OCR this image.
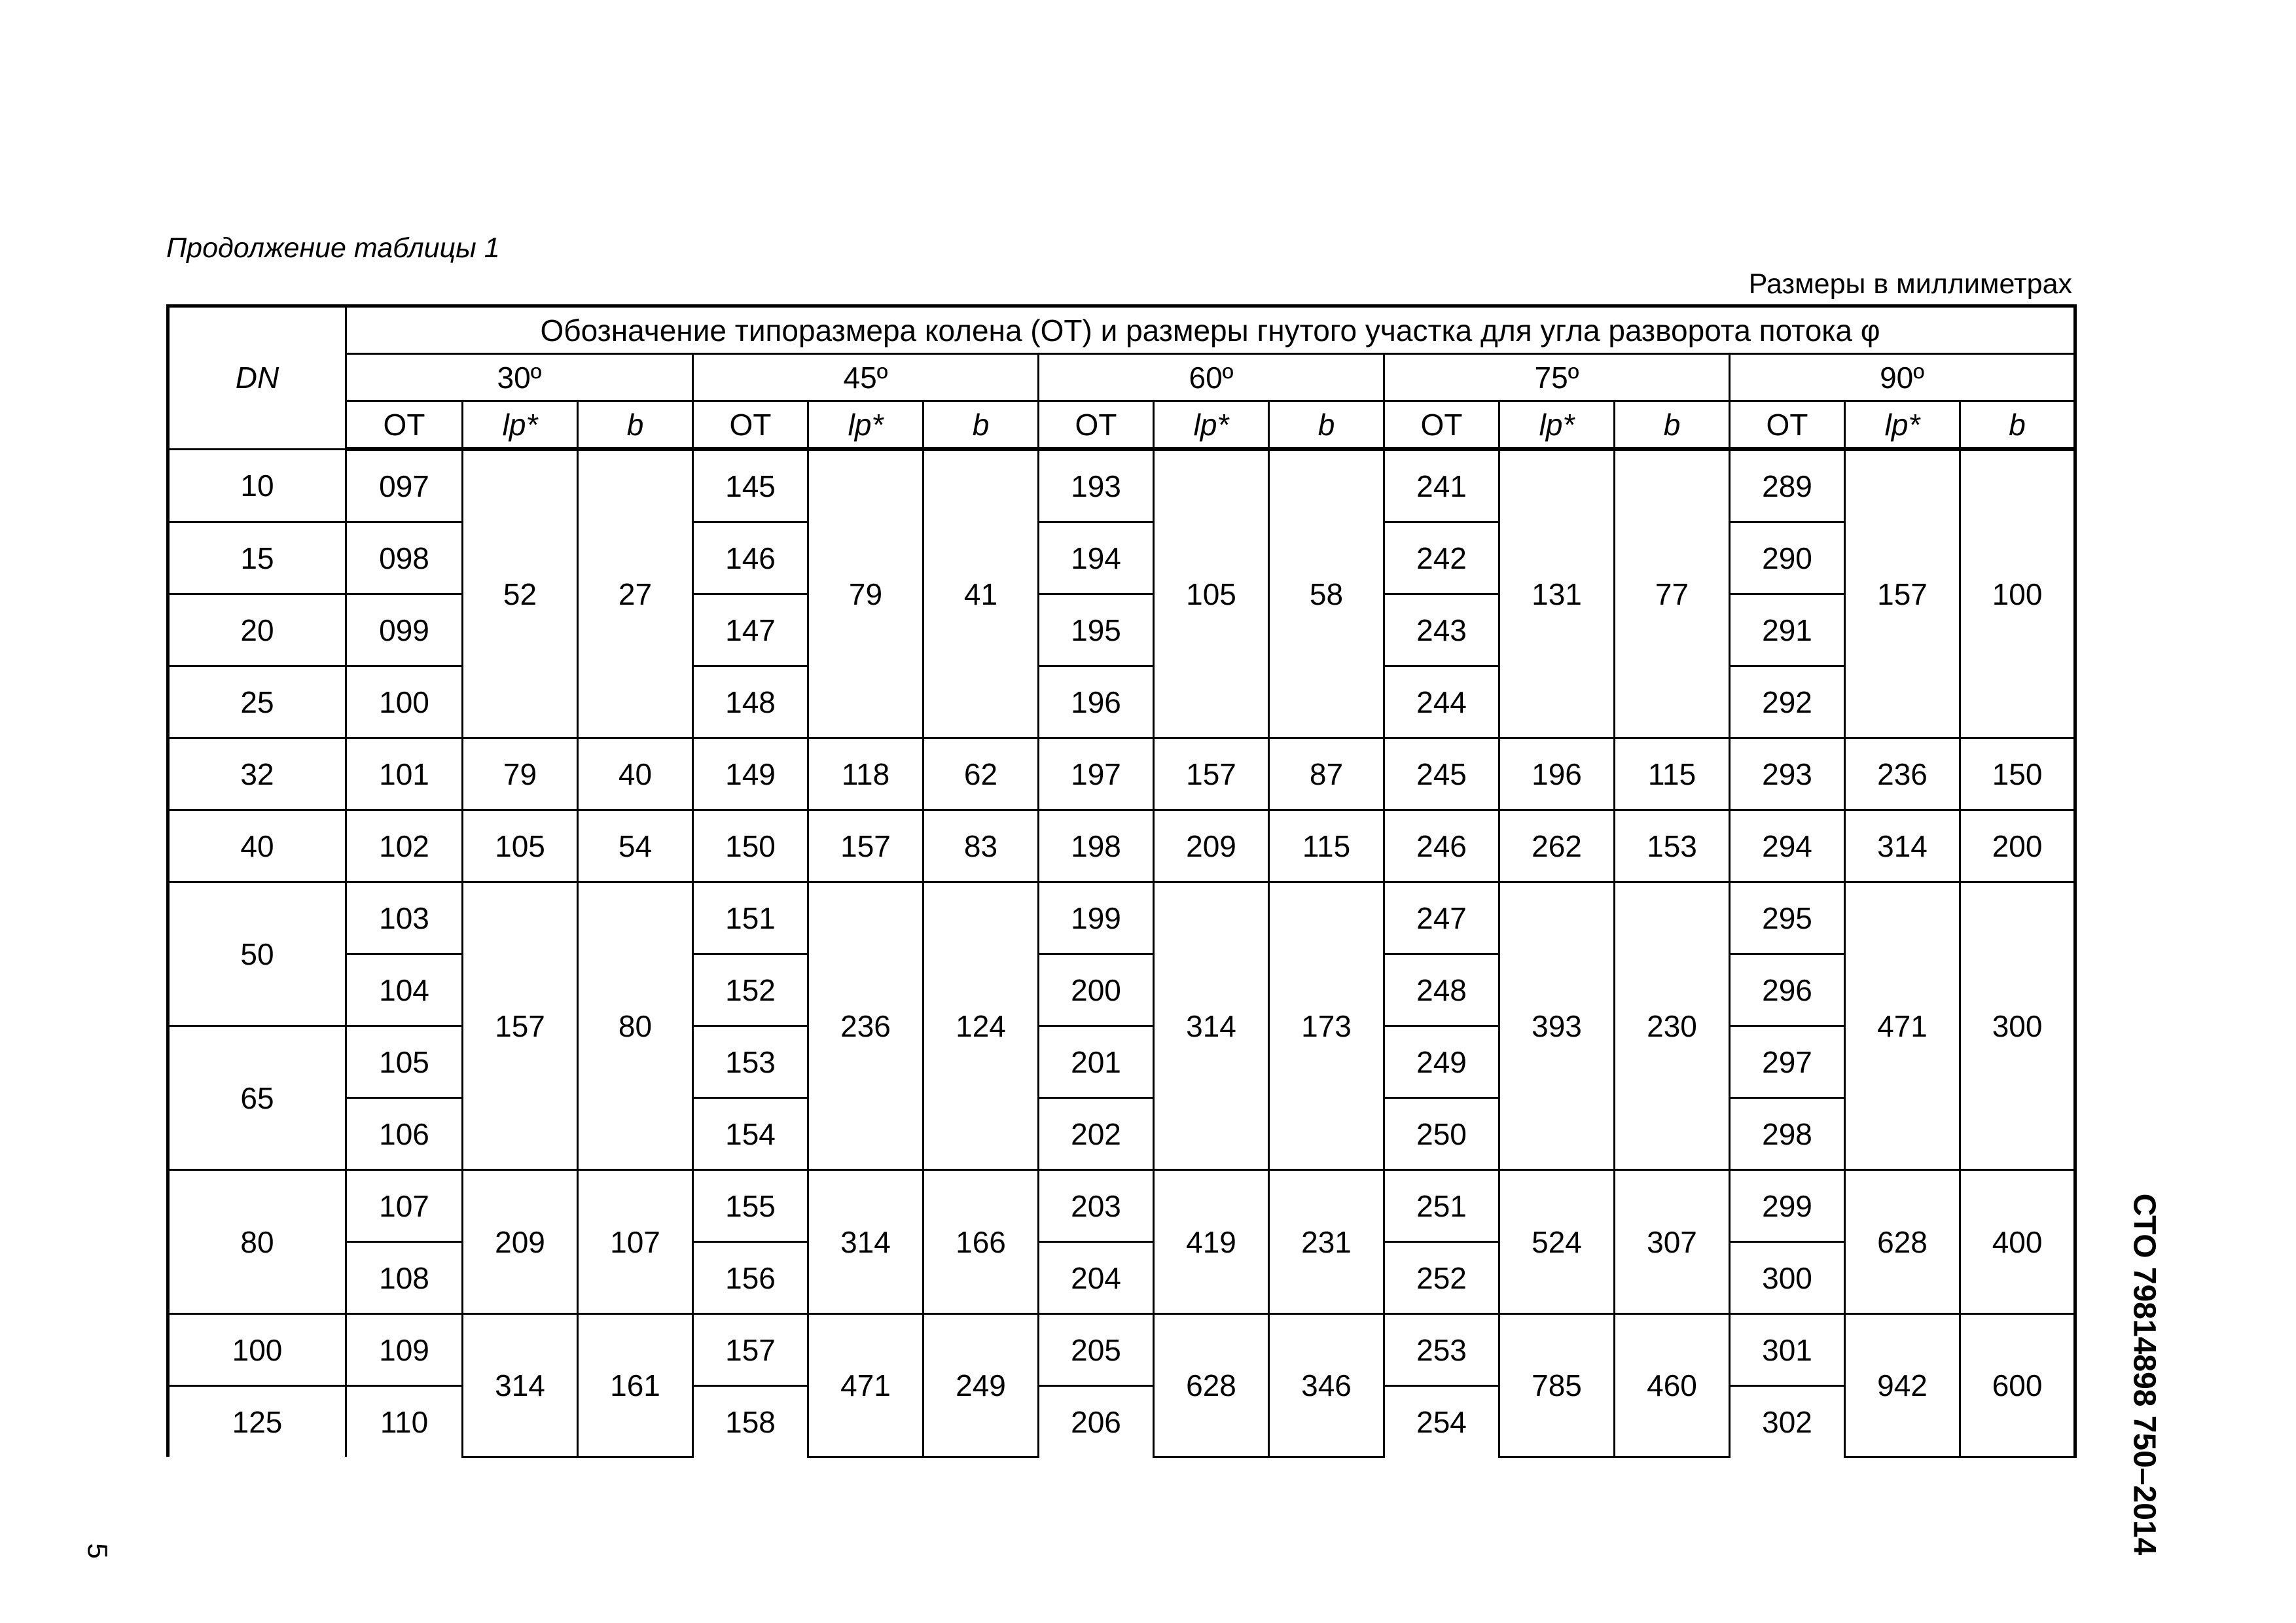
Продолжение таблицы 1
Размеры в миллиметрах
DN	Обозначение типоразмера колена (ОТ) и размеры гнутого участка для угла разворота потока φ														
	30º			45º			60º			75º			90º		
	ОТ	lp*	b	ОТ	lp*	b	ОТ	lp*	b	ОТ	lp*	b	ОТ	lp*	b
10	097	52	27	145	79	41	193	105	58	241	131	77	289	157	100
15	098			146			194			242			290		
20	099			147			195			243			291		
25	100			148			196			244			292		
32	101	79	40	149	118	62	197	157	87	245	196	115	293	236	150
40	102	105	54	150	157	83	198	209	115	246	262	153	294	314	200
50	103	157	80	151	236	124	199	314	173	247	393	230	295	471	300
	104			152			200			248			296		
65	105			153			201			249			297		
	106			154			202			250			298		
80	107	209	107	155	314	166	203	419	231	251	524	307	299	628	400
	108			156			204			252			300		
100	109	314	161	157	471	249	205	628	346	253	785	460	301	942	600
125	110			158			206			254			302			СТО 79814898 750–2014
5
